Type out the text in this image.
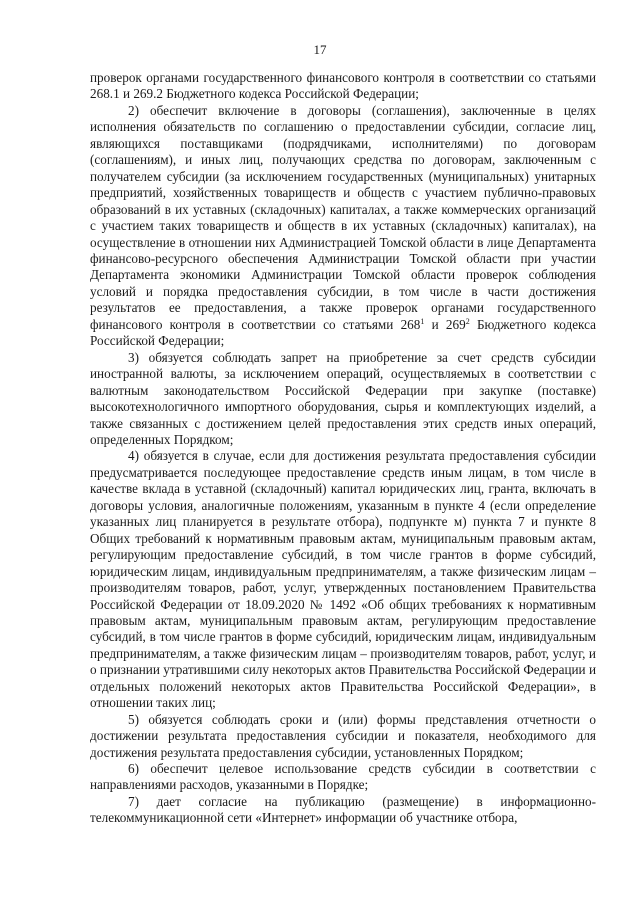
17

проверок органами государственного финансового контроля в соответствии со статьями 268.1 и 269.2 Бюджетного кодекса Российской Федерации;

2) обеспечит включение в договоры (соглашения), заключенные в целях исполнения обязательств по соглашению о предоставлении субсидии, согласие лиц, являющихся поставщиками (подрядчиками, исполнителями) по договорам (соглашениям), и иных лиц, получающих средства по договорам, заключенным с получателем субсидии (за исключением государственных (муниципальных) унитарных предприятий, хозяйственных товариществ и обществ с участием публично-правовых образований в их уставных (складочных) капиталах, а также коммерческих организаций с участием таких товариществ и обществ в их уставных (складочных) капиталах), на осуществление в отношении них Администрацией Томской области в лице Департамента финансово-ресурсного обеспечения Администрации Томской области при участии Департамента экономики Администрации Томской области проверок соблюдения условий и порядка предоставления субсидии, в том числе в части достижения результатов ее предоставления, а также проверок органами государственного финансового контроля в соответствии со статьями $268^1$ и $269^2$ Бюджетного кодекса Российской Федерации;

3) обязуется соблюдать запрет на приобретение за счет средств субсидии иностранной валюты, за исключением операций, осуществляемых в соответствии с валютным законодательством Российской Федерации при закупке (поставке) высокотехнологичного импортного оборудования, сырья и комплектующих изделий, а также связанных с достижением целей предоставления этих средств иных операций, определенных Порядком;

4) обязуется в случае, если для достижения результата предоставления субсидии предусматривается последующее предоставление средств иным лицам, в том числе в качестве вклада в уставной (складочный) капитал юридических лиц, гранта, включать в договоры условия, аналогичные положениям, указанным в пункте 4 (если определение указанных лиц планируется в результате отбора), подпункте м) пункта 7 и пункте 8 Общих требований к нормативным правовым актам, муниципальным правовым актам, регулирующим предоставление субсидий, в том числе грантов в форме субсидий, юридическим лицам, индивидуальным предпринимателям, а также физическим лицам – производителям товаров, работ, услуг, утвержденных постановлением Правительства Российской Федерации от 18.09.2020 № 1492 «Об общих требованиях к нормативным правовым актам, муниципальным правовым актам, регулирующим предоставление субсидий, в том числе грантов в форме субсидий, юридическим лицам, индивидуальным предпринимателям, а также физическим лицам – производителям товаров, работ, услуг, и о признании утратившими силу некоторых актов Правительства Российской Федерации и отдельных положений некоторых актов Правительства Российской Федерации», в отношении таких лиц;

5) обязуется соблюдать сроки и (или) формы представления отчетности о достижении результата предоставления субсидии и показателя, необходимого для достижения результата предоставления субсидии, установленных Порядком;

6) обеспечит целевое использование средств субсидии в соответствии с направлениями расходов, указанными в Порядке;

7) дает согласие на публикацию (размещение) в информационно-телекоммуникационной сети «Интернет» информации об участнике отбора,
